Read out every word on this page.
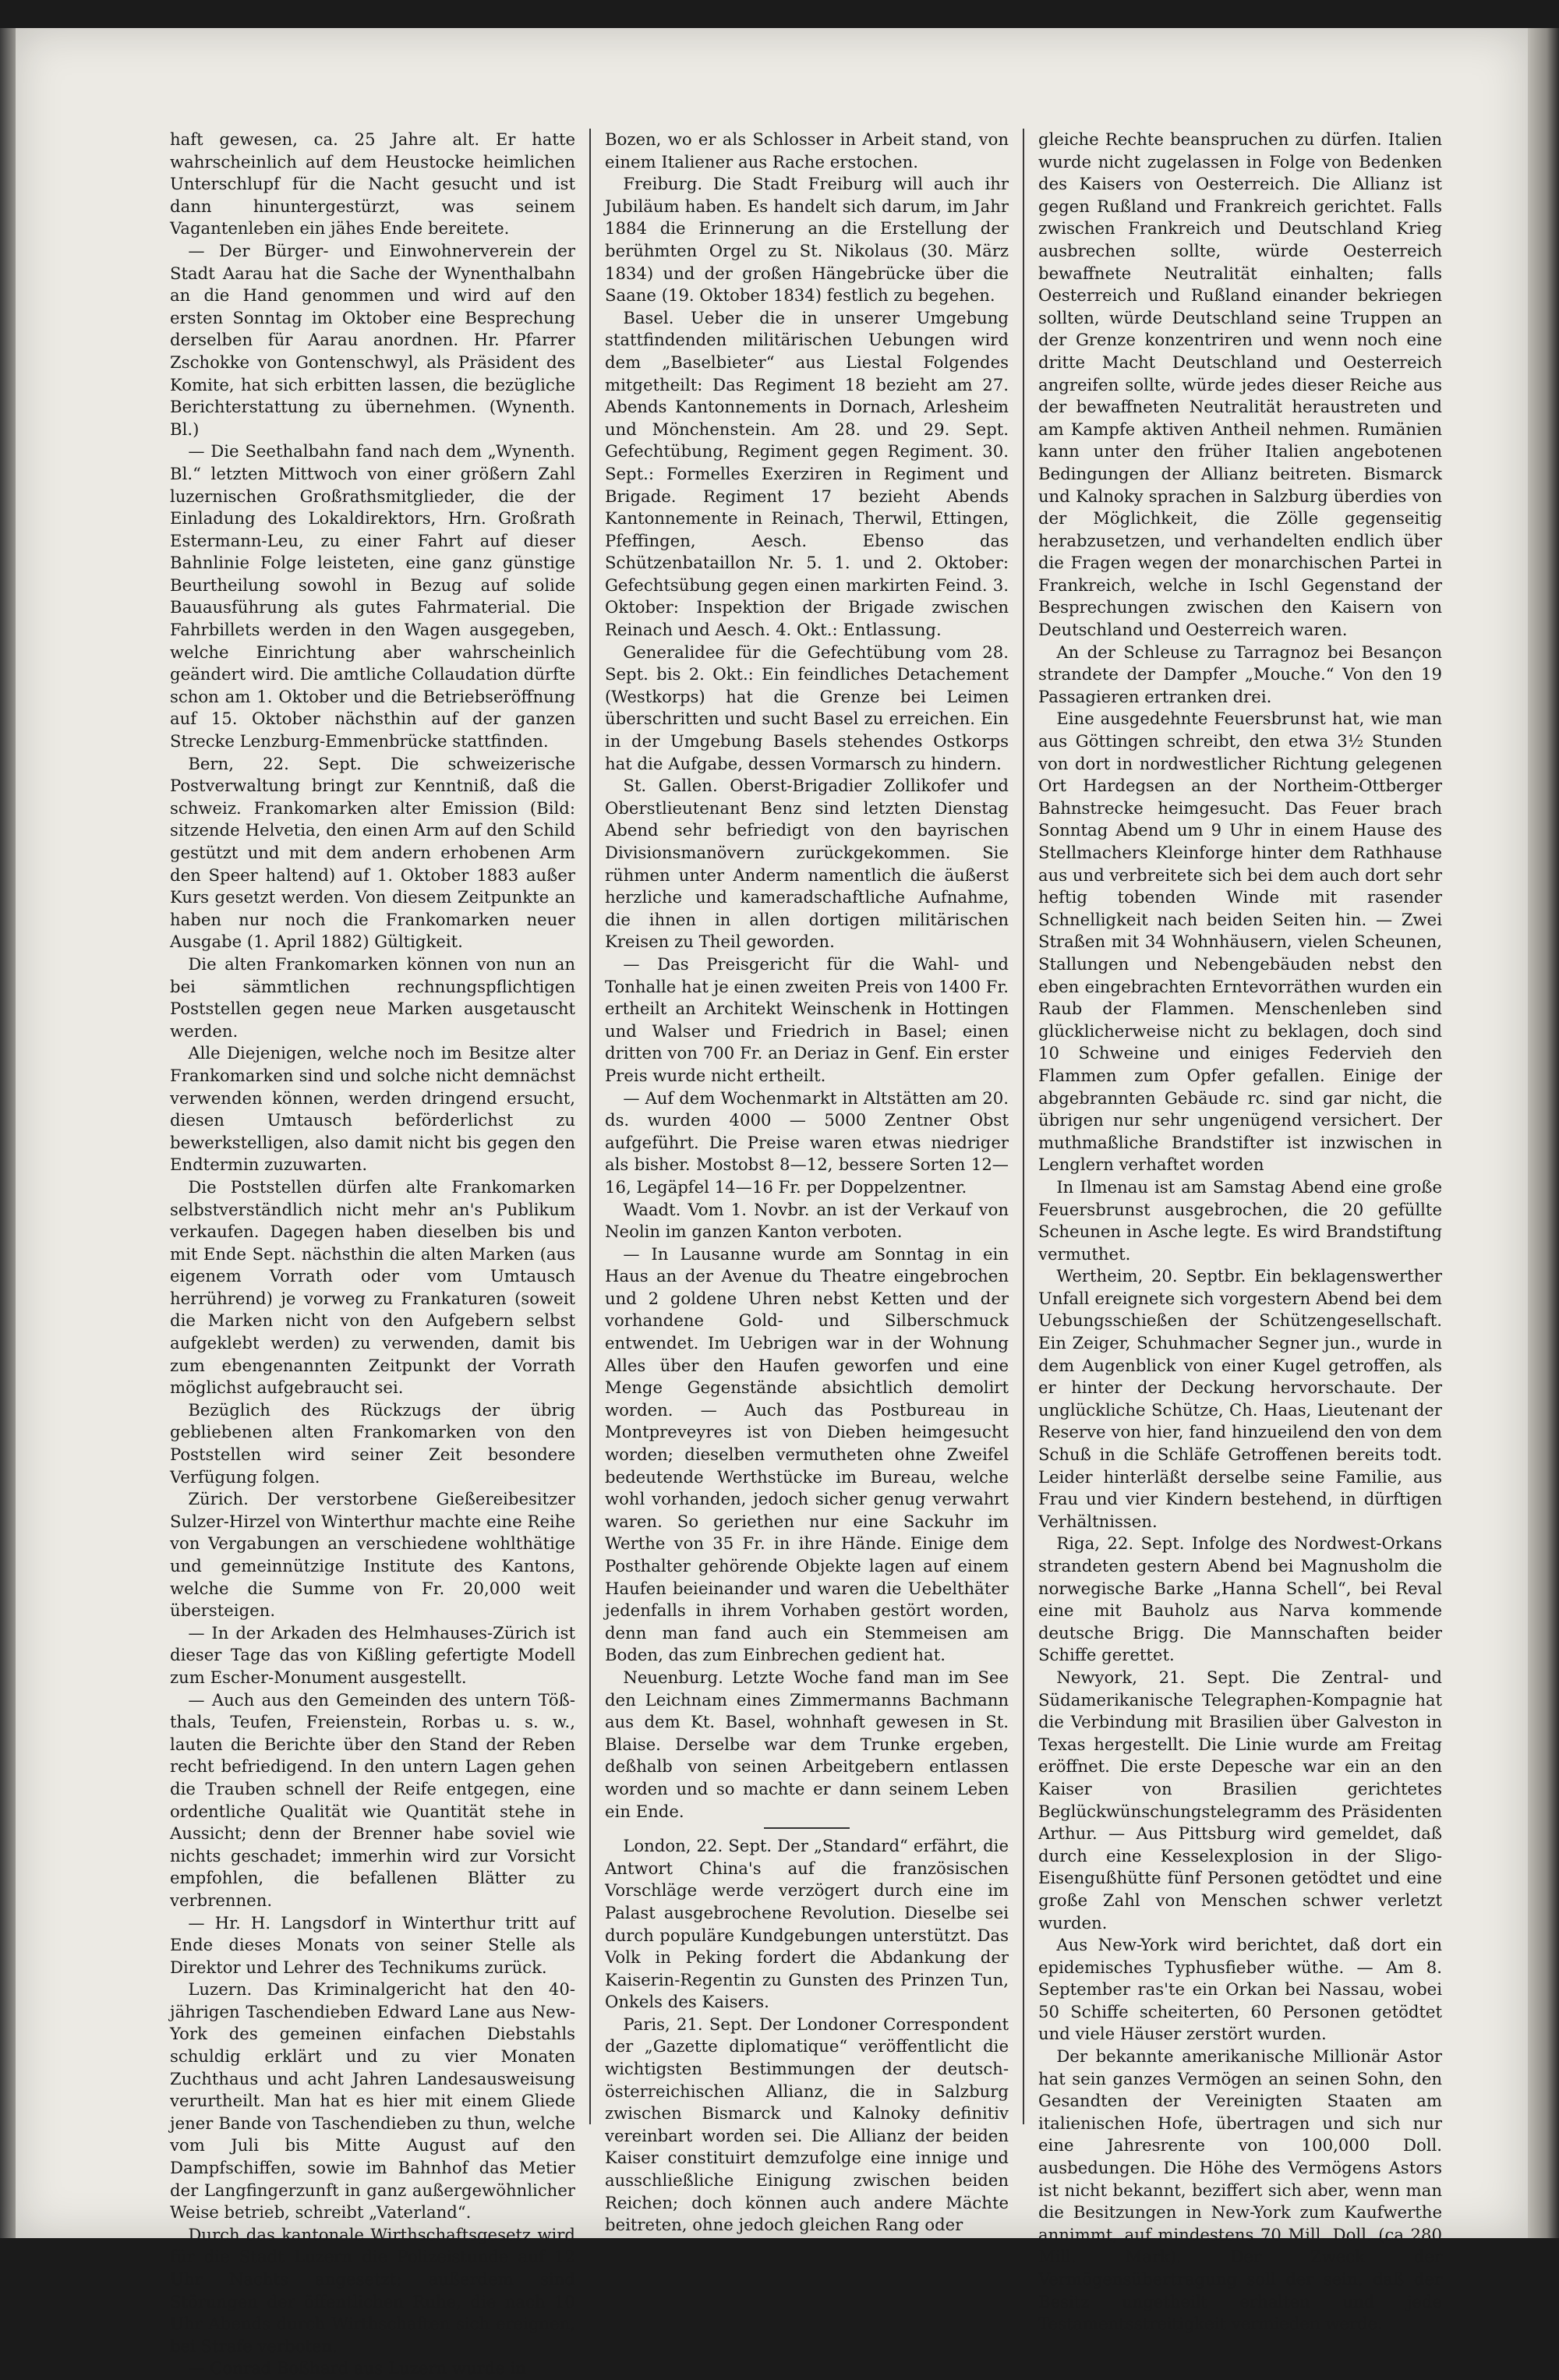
haft gewesen, ca. 25 Jahre alt. Er hatte wahrscheinlich auf dem Heustocke heimlichen Unterschlupf für die Nacht gesucht und ist dann hinuntergestürzt, was seinem Vagantenleben ein jähes Ende bereitete.

— Der Bürger- und Einwohnerverein der Stadt Aarau hat die Sache der Wynenthalbahn an die Hand genommen und wird auf den ersten Sonntag im Oktober eine Besprechung derselben für Aarau anordnen. Hr. Pfarrer Zschokke von Gontenschwyl, als Präsident des Komite, hat sich erbitten lassen, die bezügliche Berichterstattung zu übernehmen. (Wynenth. Bl.)

— Die Seethalbahn fand nach dem „Wynenth. Bl.“ letzten Mittwoch von einer größern Zahl luzernischen Großrathsmitglieder, die der Einladung des Lokaldirektors, Hrn. Großrath Estermann-Leu, zu einer Fahrt auf dieser Bahnlinie Folge leisteten, eine ganz günstige Beurtheilung sowohl in Bezug auf solide Bauausführung als gutes Fahrmaterial. Die Fahrbillets werden in den Wagen ausgegeben, welche Einrichtung aber wahrscheinlich geändert wird. Die amtliche Collaudation dürfte schon am 1. Oktober und die Betriebseröffnung auf 15. Oktober nächsthin auf der ganzen Strecke Lenzburg-Emmenbrücke stattfinden.

Bern, 22. Sept. Die schweizerische Postverwaltung bringt zur Kenntniß, daß die schweiz. Frankomarken alter Emission (Bild: sitzende Helvetia, den einen Arm auf den Schild gestützt und mit dem andern erhobenen Arm den Speer haltend) auf 1. Oktober 1883 außer Kurs gesetzt werden. Von diesem Zeitpunkte an haben nur noch die Frankomarken neuer Ausgabe (1. April 1882) Gültigkeit.

Die alten Frankomarken können von nun an bei sämmtlichen rechnungspflichtigen Poststellen gegen neue Marken ausgetauscht werden.

Alle Diejenigen, welche noch im Besitze alter Frankomarken sind und solche nicht demnächst verwenden können, werden dringend ersucht, diesen Umtausch beförderlichst zu bewerkstelligen, also damit nicht bis gegen den Endtermin zuzuwarten.

Die Poststellen dürfen alte Frankomarken selbstverständlich nicht mehr an's Publikum verkaufen. Dagegen haben dieselben bis und mit Ende Sept. nächsthin die alten Marken (aus eigenem Vorrath oder vom Umtausch herrührend) je vorweg zu Frankaturen (soweit die Marken nicht von den Aufgebern selbst aufgeklebt werden) zu verwenden, damit bis zum ebengenannten Zeitpunkt der Vorrath möglichst aufgebraucht sei.

Bezüglich des Rückzugs der übrig gebliebenen alten Frankomarken von den Poststellen wird seiner Zeit besondere Verfügung folgen.

Zürich. Der verstorbene Gießereibesitzer Sulzer-Hirzel von Winterthur machte eine Reihe von Vergabungen an verschiedene wohlthätige und gemeinnützige Institute des Kantons, welche die Summe von Fr. 20,000 weit übersteigen.

— In der Arkaden des Helmhauses-Zürich ist dieser Tage das von Kißling gefertigte Modell zum Escher-Monument ausgestellt.

— Auch aus den Gemeinden des untern Töß-thals, Teufen, Freienstein, Rorbas u. s. w., lauten die Berichte über den Stand der Reben recht befriedigend. In den untern Lagen gehen die Trauben schnell der Reife entgegen, eine ordentliche Qualität wie Quantität stehe in Aussicht; denn der Brenner habe soviel wie nichts geschadet; immerhin wird zur Vorsicht empfohlen, die befallenen Blätter zu verbrennen.

— Hr. H. Langsdorf in Winterthur tritt auf Ende dieses Monats von seiner Stelle als Direktor und Lehrer des Technikums zurück.

Luzern. Das Kriminalgericht hat den 40-jährigen Taschendieben Edward Lane aus New-York des gemeinen einfachen Diebstahls schuldig erklärt und zu vier Monaten Zuchthaus und acht Jahren Landesausweisung verurtheilt. Man hat es hier mit einem Gliede jener Bande von Taschendieben zu thun, welche vom Juli bis Mitte August auf den Dampfschiffen, sowie im Bahnhof das Metier der Langfingerzunft in ganz außergewöhnlicher Weise betrieb, schreibt „Vaterland“.

Durch das kantonale Wirthschaftsgesetz wird für die Stadt Luzern die Polizeistunde auf 12 Uhr Nachts angesetzt; außerdem sind Störungen der öffentlichen Ruhe, die nach 10 Uhr Abends durch Wirthschaften sich ereignen, bei Strafe verboten.

— Conrad Boßhard aus Luzern wurde in

Bozen, wo er als Schlosser in Arbeit stand, von einem Italiener aus Rache erstochen.

Freiburg. Die Stadt Freiburg will auch ihr Jubiläum haben. Es handelt sich darum, im Jahr 1884 die Erinnerung an die Erstellung der berühmten Orgel zu St. Nikolaus (30. März 1834) und der großen Hängebrücke über die Saane (19. Oktober 1834) festlich zu begehen.

Basel. Ueber die in unserer Umgebung stattfindenden militärischen Uebungen wird dem „Baselbieter“ aus Liestal Folgendes mitgetheilt: Das Regiment 18 bezieht am 27. Abends Kantonnements in Dornach, Arlesheim und Mönchenstein. Am 28. und 29. Sept. Gefechtübung, Regiment gegen Regiment. 30. Sept.: Formelles Exerziren in Regiment und Brigade. Regiment 17 bezieht Abends Kantonnemente in Reinach, Therwil, Ettingen, Pfeffingen, Aesch. Ebenso das Schützenbataillon Nr. 5. 1. und 2. Oktober: Gefechtsübung gegen einen markirten Feind. 3. Oktober: Inspektion der Brigade zwischen Reinach und Aesch. 4. Okt.: Entlassung.

Generalidee für die Gefechtübung vom 28. Sept. bis 2. Okt.: Ein feindliches Detachement (Westkorps) hat die Grenze bei Leimen überschritten und sucht Basel zu erreichen. Ein in der Umgebung Basels stehendes Ostkorps hat die Aufgabe, dessen Vormarsch zu hindern.

St. Gallen. Oberst-Brigadier Zollikofer und Oberstlieutenant Benz sind letzten Dienstag Abend sehr befriedigt von den bayrischen Divisionsmanövern zurückgekommen. Sie rühmen unter Anderm namentlich die äußerst herzliche und kameradschaftliche Aufnahme, die ihnen in allen dortigen militärischen Kreisen zu Theil geworden.

— Das Preisgericht für die Wahl- und Tonhalle hat je einen zweiten Preis von 1400 Fr. ertheilt an Architekt Weinschenk in Hottingen und Walser und Friedrich in Basel; einen dritten von 700 Fr. an Deriaz in Genf. Ein erster Preis wurde nicht ertheilt.

— Auf dem Wochenmarkt in Altstätten am 20. ds. wurden 4000 — 5000 Zentner Obst aufgeführt. Die Preise waren etwas niedriger als bisher. Mostobst 8—12, bessere Sorten 12—16, Legäpfel 14—16 Fr. per Doppelzentner.

Waadt. Vom 1. Novbr. an ist der Verkauf von Neolin im ganzen Kanton verboten.

— In Lausanne wurde am Sonntag in ein Haus an der Avenue du Theatre eingebrochen und 2 goldene Uhren nebst Ketten und der vorhandene Gold- und Silberschmuck entwendet. Im Uebrigen war in der Wohnung Alles über den Haufen geworfen und eine Menge Gegenstände absichtlich demolirt worden. — Auch das Postbureau in Montpreveyres ist von Dieben heimgesucht worden; dieselben vermutheten ohne Zweifel bedeutende Werthstücke im Bureau, welche wohl vorhanden, jedoch sicher genug verwahrt waren. So geriethen nur eine Sackuhr im Werthe von 35 Fr. in ihre Hände. Einige dem Posthalter gehörende Objekte lagen auf einem Haufen beieinander und waren die Uebelthäter jedenfalls in ihrem Vorhaben gestört worden, denn man fand auch ein Stemmeisen am Boden, das zum Einbrechen gedient hat.

Neuenburg. Letzte Woche fand man im See den Leichnam eines Zimmermanns Bachmann aus dem Kt. Basel, wohnhaft gewesen in St. Blaise. Derselbe war dem Trunke ergeben, deßhalb von seinen Arbeitgebern entlassen worden und so machte er dann seinem Leben ein Ende.

London, 22. Sept. Der „Standard“ erfährt, die Antwort China's auf die französischen Vorschläge werde verzögert durch eine im Palast ausgebrochene Revolution. Dieselbe sei durch populäre Kundgebungen unterstützt. Das Volk in Peking fordert die Abdankung der Kaiserin-Regentin zu Gunsten des Prinzen Tun, Onkels des Kaisers.

Paris, 21. Sept. Der Londoner Correspondent der „Gazette diplomatique“ veröffentlicht die wichtigsten Bestimmungen der deutsch-österreichischen Allianz, die in Salzburg zwischen Bismarck und Kalnoky definitiv vereinbart worden sei. Die Allianz der beiden Kaiser constituirt demzufolge eine innige und ausschließliche Einigung zwischen beiden Reichen; doch können auch andere Mächte beitreten, ohne jedoch gleichen Rang oder

gleiche Rechte beanspruchen zu dürfen. Italien wurde nicht zugelassen in Folge von Bedenken des Kaisers von Oesterreich. Die Allianz ist gegen Rußland und Frankreich gerichtet. Falls zwischen Frankreich und Deutschland Krieg ausbrechen sollte, würde Oesterreich bewaffnete Neutralität einhalten; falls Oesterreich und Rußland einander bekriegen sollten, würde Deutschland seine Truppen an der Grenze konzentriren und wenn noch eine dritte Macht Deutschland und Oesterreich angreifen sollte, würde jedes dieser Reiche aus der bewaffneten Neutralität heraustreten und am Kampfe aktiven Antheil nehmen. Rumänien kann unter den früher Italien angebotenen Bedingungen der Allianz beitreten. Bismarck und Kalnoky sprachen in Salzburg überdies von der Möglichkeit, die Zölle gegenseitig herabzusetzen, und verhandelten endlich über die Fragen wegen der monarchischen Partei in Frankreich, welche in Ischl Gegenstand der Besprechungen zwischen den Kaisern von Deutschland und Oesterreich waren.

An der Schleuse zu Tarragnoz bei Besançon strandete der Dampfer „Mouche.“ Von den 19 Passagieren ertranken drei.

Eine ausgedehnte Feuersbrunst hat, wie man aus Göttingen schreibt, den etwa 3½ Stunden von dort in nordwestlicher Richtung gelegenen Ort Hardegsen an der Northeim-Ottberger Bahnstrecke heimgesucht. Das Feuer brach Sonntag Abend um 9 Uhr in einem Hause des Stellmachers Kleinforge hinter dem Rathhause aus und verbreitete sich bei dem auch dort sehr heftig tobenden Winde mit rasender Schnelligkeit nach beiden Seiten hin. — Zwei Straßen mit 34 Wohnhäusern, vielen Scheunen, Stallungen und Nebengebäuden nebst den eben eingebrachten Erntevorräthen wurden ein Raub der Flammen. Menschenleben sind glücklicherweise nicht zu beklagen, doch sind 10 Schweine und einiges Federvieh den Flammen zum Opfer gefallen. Einige der abgebrannten Gebäude rc. sind gar nicht, die übrigen nur sehr ungenügend versichert. Der muthmaßliche Brandstifter ist inzwischen in Lenglern verhaftet worden

In Ilmenau ist am Samstag Abend eine große Feuersbrunst ausgebrochen, die 20 gefüllte Scheunen in Asche legte. Es wird Brandstiftung vermuthet.

Wertheim, 20. Septbr. Ein beklagenswerther Unfall ereignete sich vorgestern Abend bei dem Uebungsschießen der Schützengesellschaft. Ein Zeiger, Schuhmacher Segner jun., wurde in dem Augenblick von einer Kugel getroffen, als er hinter der Deckung hervorschaute. Der unglückliche Schütze, Ch. Haas, Lieutenant der Reserve von hier, fand hinzueilend den von dem Schuß in die Schläfe Getroffenen bereits todt. Leider hinterläßt derselbe seine Familie, aus Frau und vier Kindern bestehend, in dürftigen Verhältnissen.

Riga, 22. Sept. Infolge des Nordwest-Orkans strandeten gestern Abend bei Magnusholm die norwegische Barke „Hanna Schell“, bei Reval eine mit Bauholz aus Narva kommende deutsche Brigg. Die Mannschaften beider Schiffe gerettet.

Newyork, 21. Sept. Die Zentral- und Südamerikanische Telegraphen-Kompagnie hat die Verbindung mit Brasilien über Galveston in Texas hergestellt. Die Linie wurde am Freitag eröffnet. Die erste Depesche war ein an den Kaiser von Brasilien gerichtetes Beglückwünschungstelegramm des Präsidenten Arthur. — Aus Pittsburg wird gemeldet, daß durch eine Kesselexplosion in der Sligo-Eisengußhütte fünf Personen getödtet und eine große Zahl von Menschen schwer verletzt wurden.

Aus New-York wird berichtet, daß dort ein epidemisches Typhusfieber wüthe. — Am 8. September ras'te ein Orkan bei Nassau, wobei 50 Schiffe scheiterten, 60 Personen getödtet und viele Häuser zerstört wurden.

Der bekannte amerikanische Millionär Astor hat sein ganzes Vermögen an seinen Sohn, den Gesandten der Vereinigten Staaten am italienischen Hofe, übertragen und sich nur eine Jahresrente von 100,000 Doll. ausbedungen. Die Höhe des Vermögens Astors ist nicht bekannt, beziffert sich aber, wenn man die Besitzungen in New-York zum Kaufwerthe annimmt, auf mindestens 70 Mill. Doll. (ca 280 Mill. Mark). Der Zweck der Vermögensübertragung soll der sein, daß der Besitz ungetheilt erhalten und jede Testamentsstreitigkeit vermieden werde.
